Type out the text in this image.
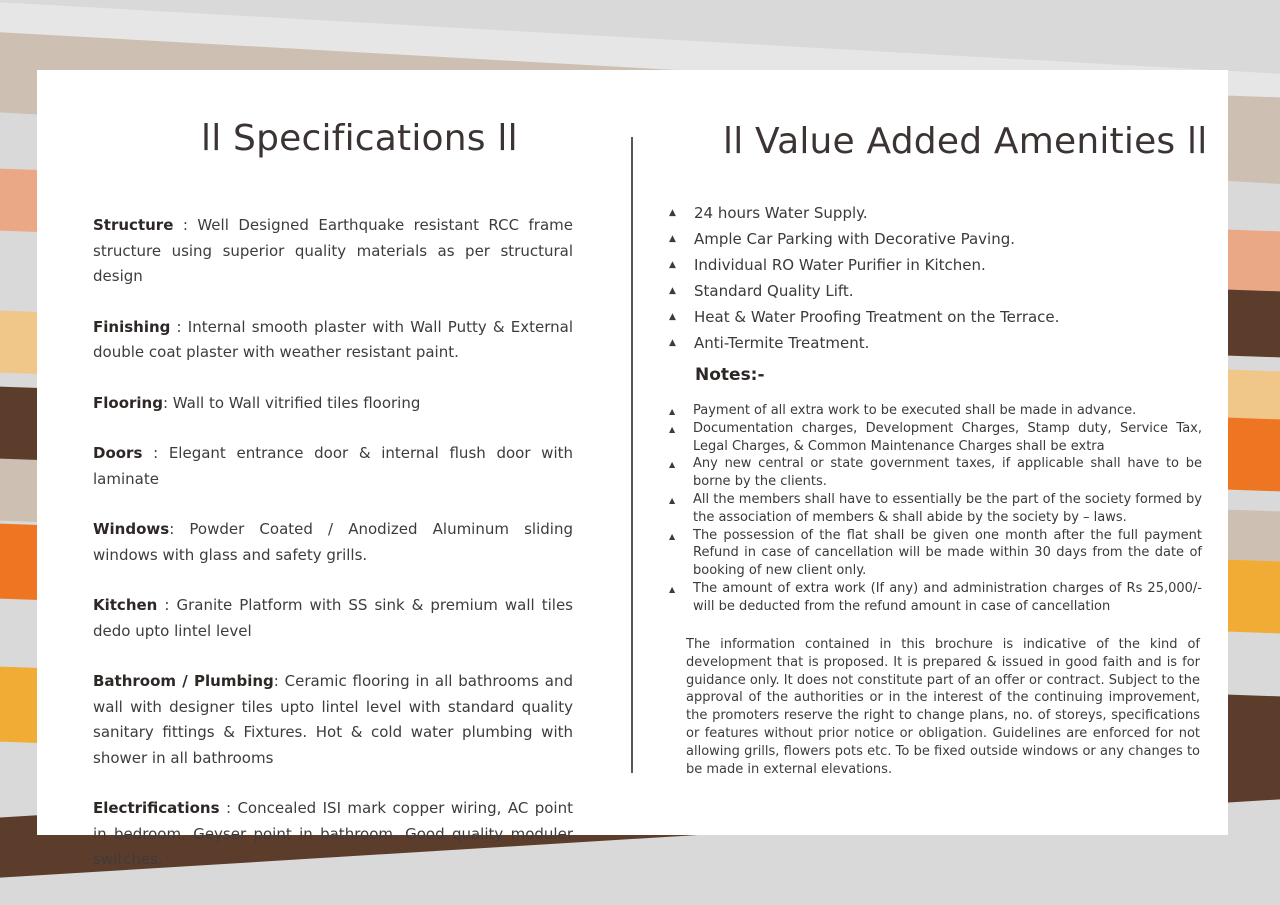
ll Specifications ll	ll Value Added Amenities ll

Structure : Well Designed Earthquake resistant RCC frame structure using superior quality materials as per structural design

Finishing : Internal smooth plaster with Wall Putty & External double coat plaster with weather resistant paint.

Flooring: Wall to Wall vitrified tiles flooring

Doors : Elegant entrance door & internal flush door with laminate

Windows: Powder Coated / Anodized Aluminum sliding windows with glass and safety grills.

Kitchen : Granite Platform with SS sink & premium wall tiles dedo upto lintel level

Bathroom / Plumbing: Ceramic flooring in all bathrooms and wall with designer tiles upto lintel level with standard quality sanitary fittings & Fixtures. Hot & cold water plumbing with shower in all bathrooms

Electrifications : Concealed ISI mark copper wiring, AC point in bedroom, Geyser point in bathroom. Good quality moduler switches.

▲ 24 hours Water Supply.
▲ Ample Car Parking with Decorative Paving.
▲ Individual RO Water Purifier in Kitchen.
▲ Standard Quality Lift.
▲ Heat & Water Proofing Treatment on the Terrace.
▲ Anti-Termite Treatment.
Notes:-
▲ Payment of all extra work to be executed shall be made in advance.
▲ Documentation charges, Development Charges, Stamp duty, Service Tax, Legal Charges, & Common Maintenance Charges shall be extra
▲ Any new central or state government taxes, if applicable shall have to be borne by the clients.
▲ All the members shall have to essentially be the part of the society formed by the association of members & shall abide by the society by – laws.
▲ The possession of the flat shall be given one month after the full payment Refund in case of cancellation will be made within 30 days from the date of booking of new client only.
▲ The amount of extra work (If any) and administration charges of Rs 25,000/- will be deducted from the refund amount in case of cancellation

The information contained in this brochure is indicative of the kind of development that is proposed. It is prepared & issued in good faith and is for guidance only. It does not constitute part of an offer or contract. Subject to the approval of the authorities or in the interest of the continuing improvement, the promoters reserve the right to change plans, no. of storeys, specifications or features without prior notice or obligation. Guidelines are enforced for not allowing grills, flowers pots etc. To be fixed outside windows or any changes to be made in external elevations.
